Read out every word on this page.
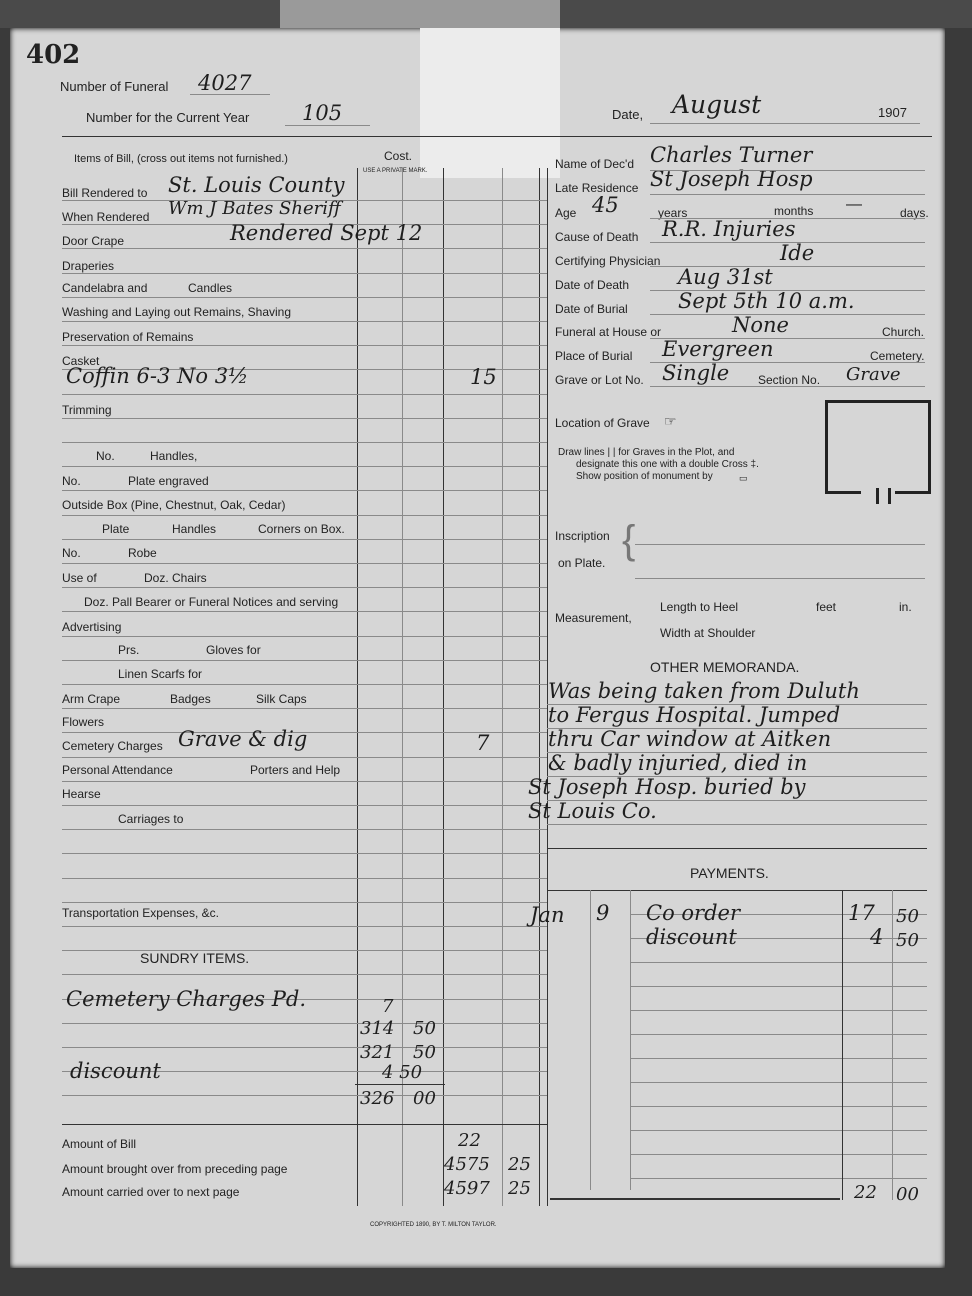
402
Number of Funeral 4027
Number for the Current Year	105	Date, August	1907
Items of Bill, (cross out items not furnished.)	Cost.
USE A PRIVATE MARK.
Bill Rendered to St. Louis County
When Rendered Wm J Bates Sheriff
Door Crape	Rendered Sept 12
Draperies
Candelabra and	Candles
Washing and Laying out Remains, Shaving
Preservation of Remains
Casket
Coffin 6-3 No 3½	15
Trimming
No.	Handles,
No.	Plate engraved
Outside Box (Pine, Chestnut, Oak, Cedar)
Plate	Handles	Corners on Box.
No.	Robe
Use of	Doz. Chairs
Doz. Pall Bearer or Funeral Notices and serving
Advertising
Prs.	Gloves for
Linen Scarfs for
Arm Crape	Badges	Silk Caps
Flowers
Cemetery Charges Grave & dig	7
Personal Attendance	Porters and Help
Hearse
Carriages to
Transportation Expenses, &c.
SUNDRY ITEMS.
Cemetery Charges Pd.	7
314 50
321 50
discount	4 50
326 00
Amount of Bill	22
Amount brought over from preceding page	4575 25
Amount carried over to next page	4597 25
COPYRIGHTED 1890, BY T. MILTON TAYLOR.
Name of Dec'd Charles Turner
Late Residence St Joseph Hosp
Age 45	years	months —	days.
Cause of Death R.R. Injuries
Certifying Physician	Ide
Date of Death Aug 31st
Date of Burial Sept 5th 10 a.m.
Funeral at House or	None	Church.
Place of Burial Evergreen	Cemetery.
Grave or Lot No. Single Section No. Grave
Location of Grave ☞
Draw lines | | for Graves in the Plot, and
designate this one with a double Cross ‡.
Show position of monument by	▭
Inscription
on Plate.
{
Measurement,
Length to Heel	feet	in.
Width at Shoulder
OTHER MEMORANDA.
Was being taken from Duluth
to Fergus Hospital. Jumped
thru Car window at Aitken
& badly injuried, died in
St Joseph Hosp. buried by
St Louis Co.
PAYMENTS.
Jan 9 Co order	17 50
discount	4 50
22 00
